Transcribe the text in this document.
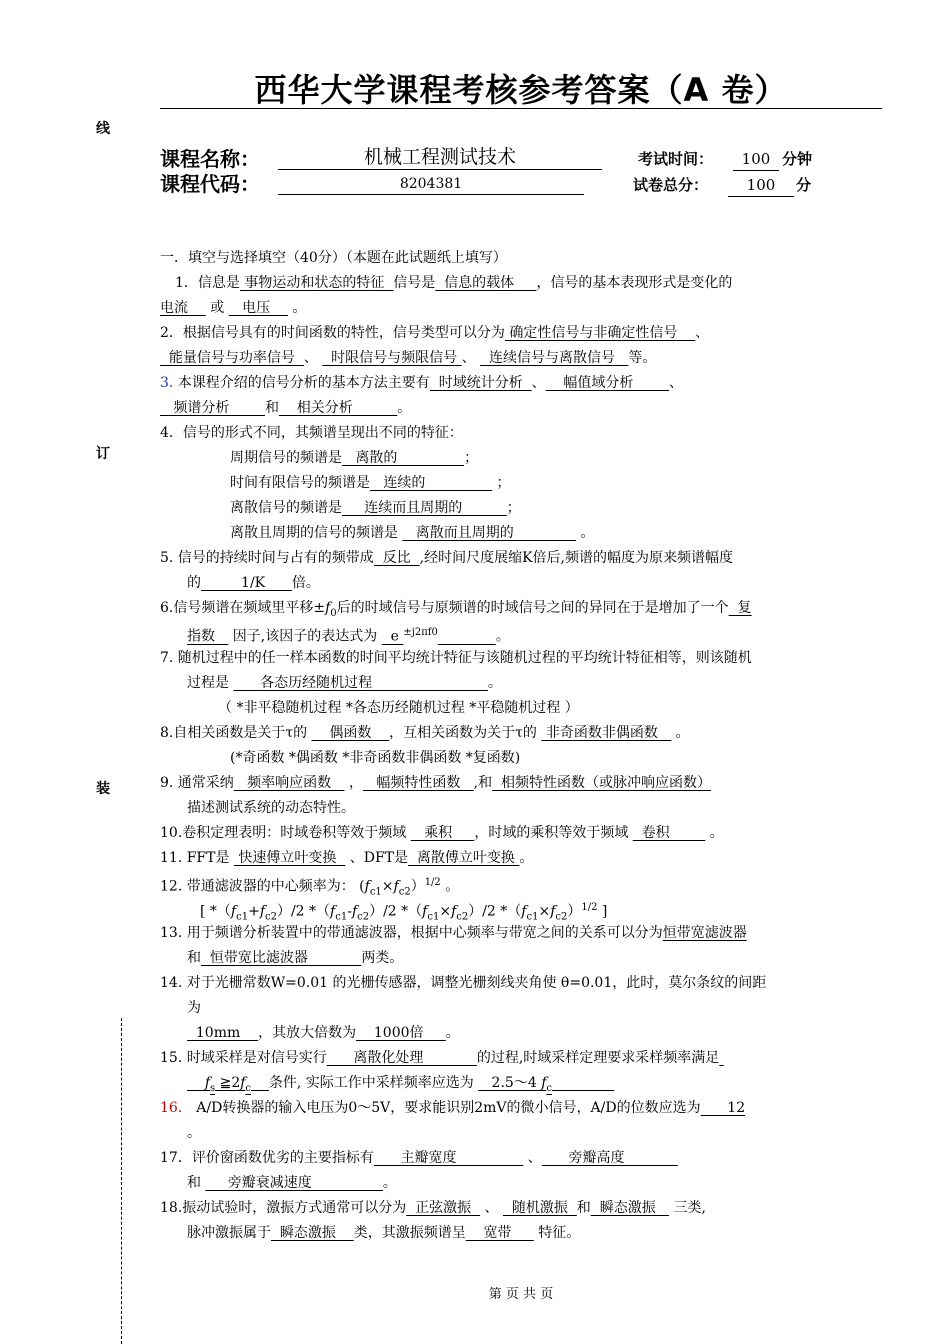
西华大学课程考核参考答案（A 卷）
线
订
装
课程名称：	机械工程测试技术
课程代码：	8204381
考试时间：	100 分钟
试卷总分：	100	分
一．填空与选择填空（40分）（本题在此试题纸上填写）
1．信息是 事物运动和状态的特征  信号是  信息的载体     ，信号的基本表现形式是变化的
电流     或    电压     。
2．根据信号具有的时间函数的特性，信号类型可以分为 确定性信号与非确定性信号    、
能量信号与功率信号  、   时限信号与频限信号 、   连续信号与离散信号   等。
3. 本课程介绍的信号分析的基本方法主要有  时域统计分析  、    幅值域分析        、
频谱分析        和    相关分析          。
4．信号的形式不同，其频谱呈现出不同的特征：
周期信号的频谱是   离散的               ；
时间有限信号的频谱是   连续的                ；
离散信号的频谱是     连续而且周期的          ；
离散且周期的信号的频谱是    离散而且周期的               。
5. 信号的持续时间与占有的频带成  反比  ,经时间尺度展缩K倍后,频谱的幅度为原来频谱幅度
的         1/K      倍。
6.信号频谱在频域里平移$\pm f_0$后的时域信号与原频谱的时域信号之间的异同在于是增加了一个  复
指数    因子,该因子的表达式为   e $^{\pm j2\pi f0}$	。
7. 随机过程中的任一样本函数的时间平均统计特征与该随机过程的平均统计特征相等，则该随机
过程是       各态历经随机过程                          。
（ *非平稳随机过程 *各态历经随机过程 *平稳随机过程 ）
8.自相关函数是关于τ的     偶函数    ，互相关函数为关于τ的  非奇函数非偶函数    。
(*奇函数 *偶函数 *非奇函数非偶函数 *复函数)
9. 通常采纳   频率响应函数    ，   幅频特性函数   ,和  相频特性函数（或脉冲响应函数）
描述测试系统的动态特性。
10.卷积定理表明：时域卷积等效于频域    乘积     ，时域的乘积等效于频域   卷积         。
11. FFT是  快速傅立叶变换   、DFT是  离散傅立叶变换 。
12. 带通滤波器的中心频率为： $(f_{c1}\times f_{c2})^{1/2}$ 。
[ $*(f_{c1}+f_{c2})/2$ $*(f_{c1}-f_{c2})/2$ $*(f_{c1}\times f_{c2})/2$ $*(f_{c1}\times f_{c2})^{1/2}$ ]
13. 用于频谱分析装置中的带通滤波器，根据中心频率与带宽之间的关系可以分为恒带宽滤波器
和  恒带宽比滤波器            两类。
14. 对于光栅常数W=0.01 的光栅传感器，调整光栅刻线夹角使 θ=0.01，此时，莫尔条纹的间距
为
10mm    ，其放大倍数为    1000倍     。
15. 时域采样是对信号实行      离散化处理            的过程,时域采样定理要求采样频率满足
$f_s$ $≧2f_c$ 条件, 实际工作中采样频率应选为    2.5～4 $f_c$
16． A/D转换器的输入电压为0～5V，要求能识别2mV的微小信号，A/D的位数应选为      12
。
17．评价窗函数优劣的主要指标有      主瓣宽度                、      旁瓣高度
和      旁瓣衰减速度                。
18.振动试验时，激振方式通常可以分为  正弦激振   、   随机激振  和  瞬态激振    三类,
脉冲激振属于  瞬态激振    类，其激振频谱呈    宽带      特征。
第 页 共 页
